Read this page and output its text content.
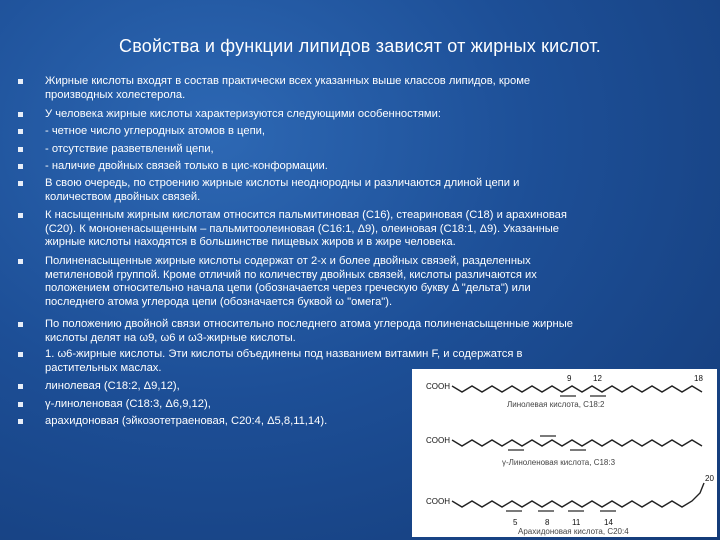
Свойства и функции липидов зависят от жирных кислот.
Жирные кислоты входят в состав практически всех указанных выше классов липидов, кроме
производных холестерола.
У человека жирные кислоты характеризуются следующими особенностями:
- четное число углеродных атомов в цепи,
- отсутствие разветвлений цепи,
- наличие двойных связей только в цис-конформации.
В свою очередь, по строению жирные кислоты неоднородны и различаются длиной цепи и
количеством двойных связей.
К насыщенным жирным кислотам относится пальмитиновая (С16), стеариновая (С18) и арахиновая
(С20). К мононенасыщенным – пальмитоолеиновая (С16:1, Δ9), олеиновая (С18:1, Δ9). Указанные
жирные кислоты находятся в большинстве пищевых жиров и в жире человека.
Полиненасыщенные жирные кислоты содержат от 2-х и более двойных связей, разделенных
метиленовой группой. Кроме отличий по количеству двойных связей, кислоты различаются их
положением относительно начала цепи (обозначается через греческую букву Δ "дельта") или
последнего атома углерода цепи (обозначается буквой ω "омега").
По положению двойной связи относительно последнего атома углерода полиненасыщенные жирные
кислоты делят на ω9, ω6 и ω3-жирные кислоты.
1. ω6-жирные кислоты. Эти кислоты объединены под названием витамин F, и содержатся в
растительных маслах.
линолевая (С18:2, Δ9,12),
γ-линоленовая (С18:3, Δ6,9,12),
арахидоновая (эйкозотетраеновая, С20:4, Δ5,8,11,14).
COOH
9	12	18
Линолевая кислота, С18:2
COOH
γ-Линоленовая кислота, С18:3
COOH
5	8	11	14
20
Арахидоновая кислота, С20:4
